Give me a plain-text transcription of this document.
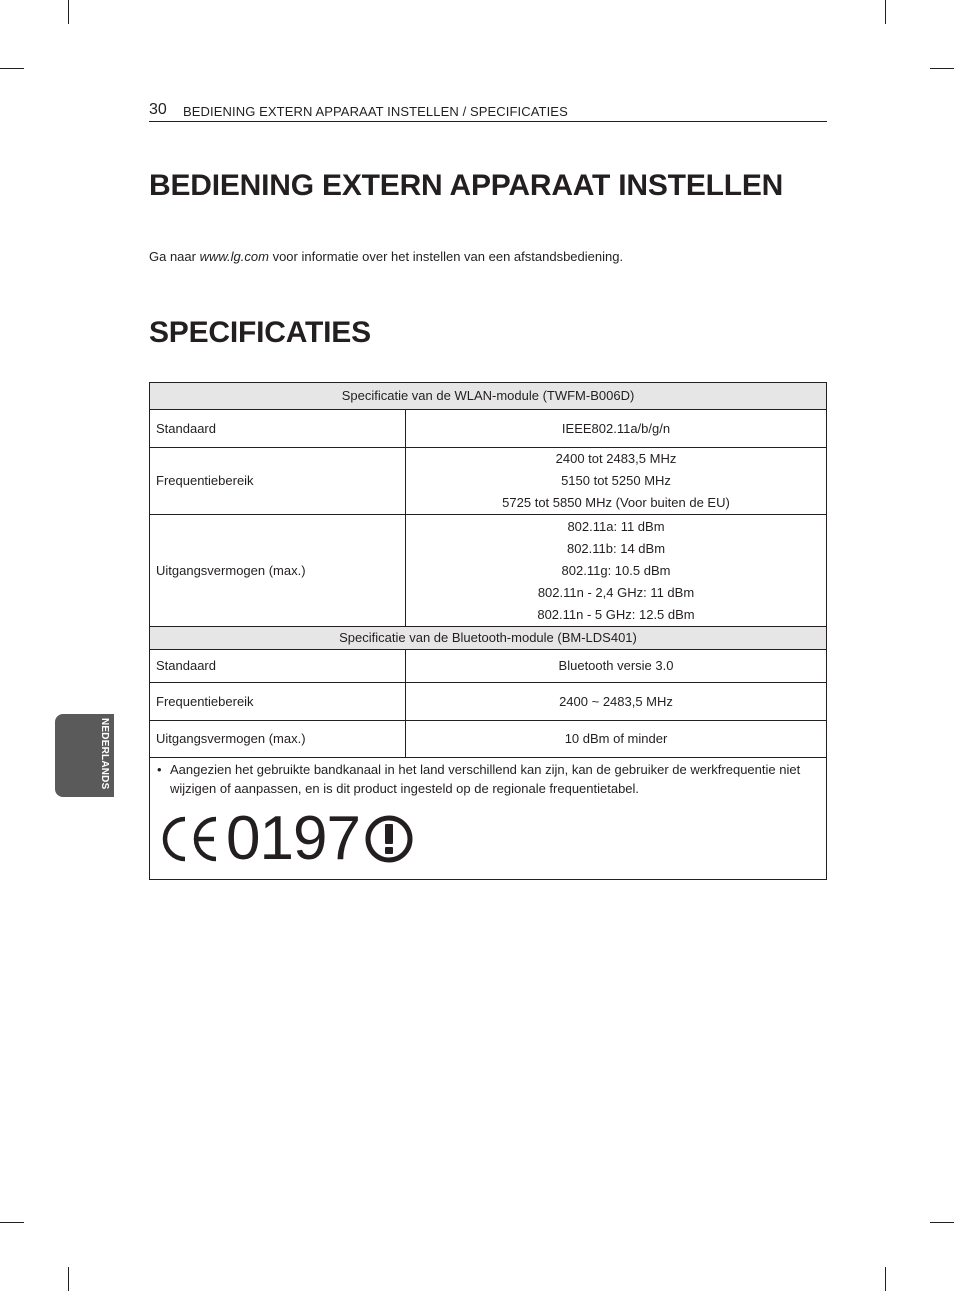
30 BEDIENING EXTERN APPARAAT INSTELLEN / SPECIFICATIES
BEDIENING EXTERN APPARAAT INSTELLEN
Ga naar www.lg.com voor informatie over het instellen van een afstandsbediening.
SPECIFICATIES
Specificatie van de WLAN-module (TWFM-B006D)	
Standaard	IEEE802.11a/b/g/n

Frequentiebereik	2400 tot 2483,5 MHz
5150 tot 5250 MHz
5725 tot 5850 MHz (Voor buiten de EU)

Uitgangsvermogen (max.)	802.11a: 11 dBm
802.11b: 14 dBm
802.11g: 10.5 dBm
802.11n - 2,4 GHz: 11 dBm
802.11n - 5 GHz: 12.5 dBm

Specificatie van de Bluetooth-module (BM-LDS401)	
Standaard	Bluetooth versie 3.0

Frequentiebereik	2400 ~ 2483,5 MHz

Uitgangsvermogen (max.)	10 dBm of minder

• Aangezien het gebruikte bandkanaal in het land verschillend kan zijn, kan de gebruiker de werkfrequentie niet wijzigen of aanpassen, en is dit product ingesteld op de regionale frequentietabel.
0197	
NEDERLANDS
